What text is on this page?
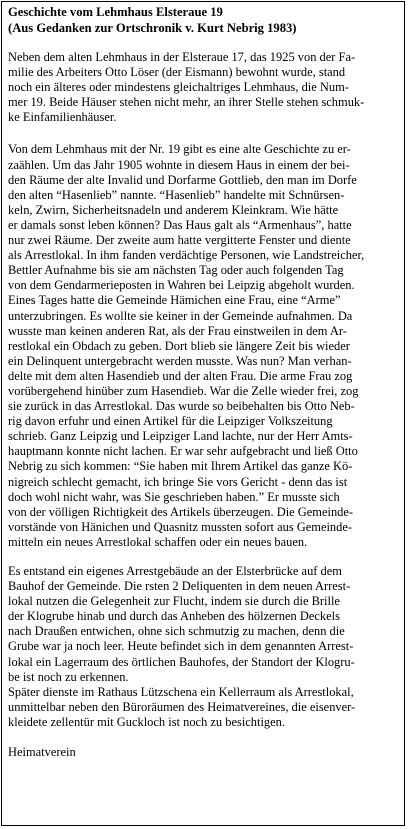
Geschichte vom Lehmhaus Elsteraue 19
(Aus Gedanken zur Ortschronik v. Kurt Nebrig 1983)
Neben dem alten Lehmhaus in der Elsteraue 17, das 1925 von der Fa-
milie des Arbeiters Otto Löser (der Eismann) bewohnt wurde, stand
noch ein älteres oder mindestens gleichaltriges Lehmhaus, die Num-
mer 19. Beide Häuser stehen nicht mehr, an ihrer Stelle stehen schmuk-
ke Einfamilienhäuser.
Von dem Lehmhaus mit der Nr. 19 gibt es eine alte Geschichte zu er-
zaählen. Um das Jahr 1905 wohnte in diesem Haus in einem der bei-
den Räume der alte Invalid und Dorfarme Gottlieb, den man im Dorfe
den alten “Hasenlieb” nannte. “Hasenlieb” handelte mit Schnürsen-
keln, Zwirn, Sicherheitsnadeln und anderem Kleinkram. Wie hätte
er damals sonst leben können? Das Haus galt als “Armenhaus”, hatte
nur zwei Räume. Der zweite aum hatte vergitterte Fenster und diente
als Arrestlokal. In ihm fanden verdächtige Personen, wie Landstreicher,
Bettler Aufnahme bis sie am nächsten Tag oder auch folgenden Tag
von dem Gendarmerieposten in Wahren bei Leipzig abgeholt wurden.
Eines Tages hatte die Gemeinde Hämichen eine Frau, eine “Arme”
unterzubringen. Es wollte sie keiner in der Gemeinde aufnahmen. Da
wusste man keinen anderen Rat, als der Frau einstweilen in dem Ar-
restlokal ein Obdach zu geben. Dort blieb sie längere Zeit bis wieder
ein Delinquent untergebracht werden musste. Was nun? Man verhan-
delte mit dem alten Hasendieb und der alten Frau. Die arme Frau zog
vorübergehend hinüber zum Hasendieb. War die Zelle wieder frei, zog
sie zurück in das Arrestlokal. Das wurde so beibehalten bis Otto Neb-
rig davon erfuhr und einen Artikel für die Leipziger Volkszeitung
schrieb. Ganz Leipzig und Leipziger Land lachte, nur der Herr Amts-
hauptmann konnte nicht lachen. Er war sehr aufgebracht und ließ Otto
Nebrig zu sich kommen: “Sie haben mit Ihrem Artikel das ganze Kö-
nigreich schlecht gemacht, ich bringe Sie vors Gericht - denn das ist
doch wohl nicht wahr, was Sie geschrieben haben.” Er musste sich
von der völligen Richtigkeit des Artikels überzeugen. Die Gemeinde-
vorstände von Hänichen und Quasnitz mussten sofort aus Gemeinde-
mitteln ein neues Arrestlokal schaffen oder ein neues bauen.
Es entstand ein eigenes Arrestgebäude an der Elsterbrücke auf dem
Bauhof der Gemeinde. Die rsten 2 Deliquenten in dem neuen Arrest-
lokal nutzen die Gelegenheit zur Flucht, indem sie durch die Brille
der Klogrube hinab und durch das Anheben des hölzernen Deckels
nach Draußen entwichen, ohne sich schmutzig zu machen, denn die
Grube war ja noch leer. Heute befindet sich in dem genannten Arrest-
lokal ein Lagerraum des örtlichen Bauhofes, der Standort der Klogru-
be ist noch zu erkennen.
Später dienste im Rathaus Lützschena ein Kellerraum als Arrestlokal,
unmittelbar neben den Büroräumen des Heimatvereines, die eisenver-
kleidete zellentür mit Guckloch ist noch zu besichtigen.
Heimatverein
